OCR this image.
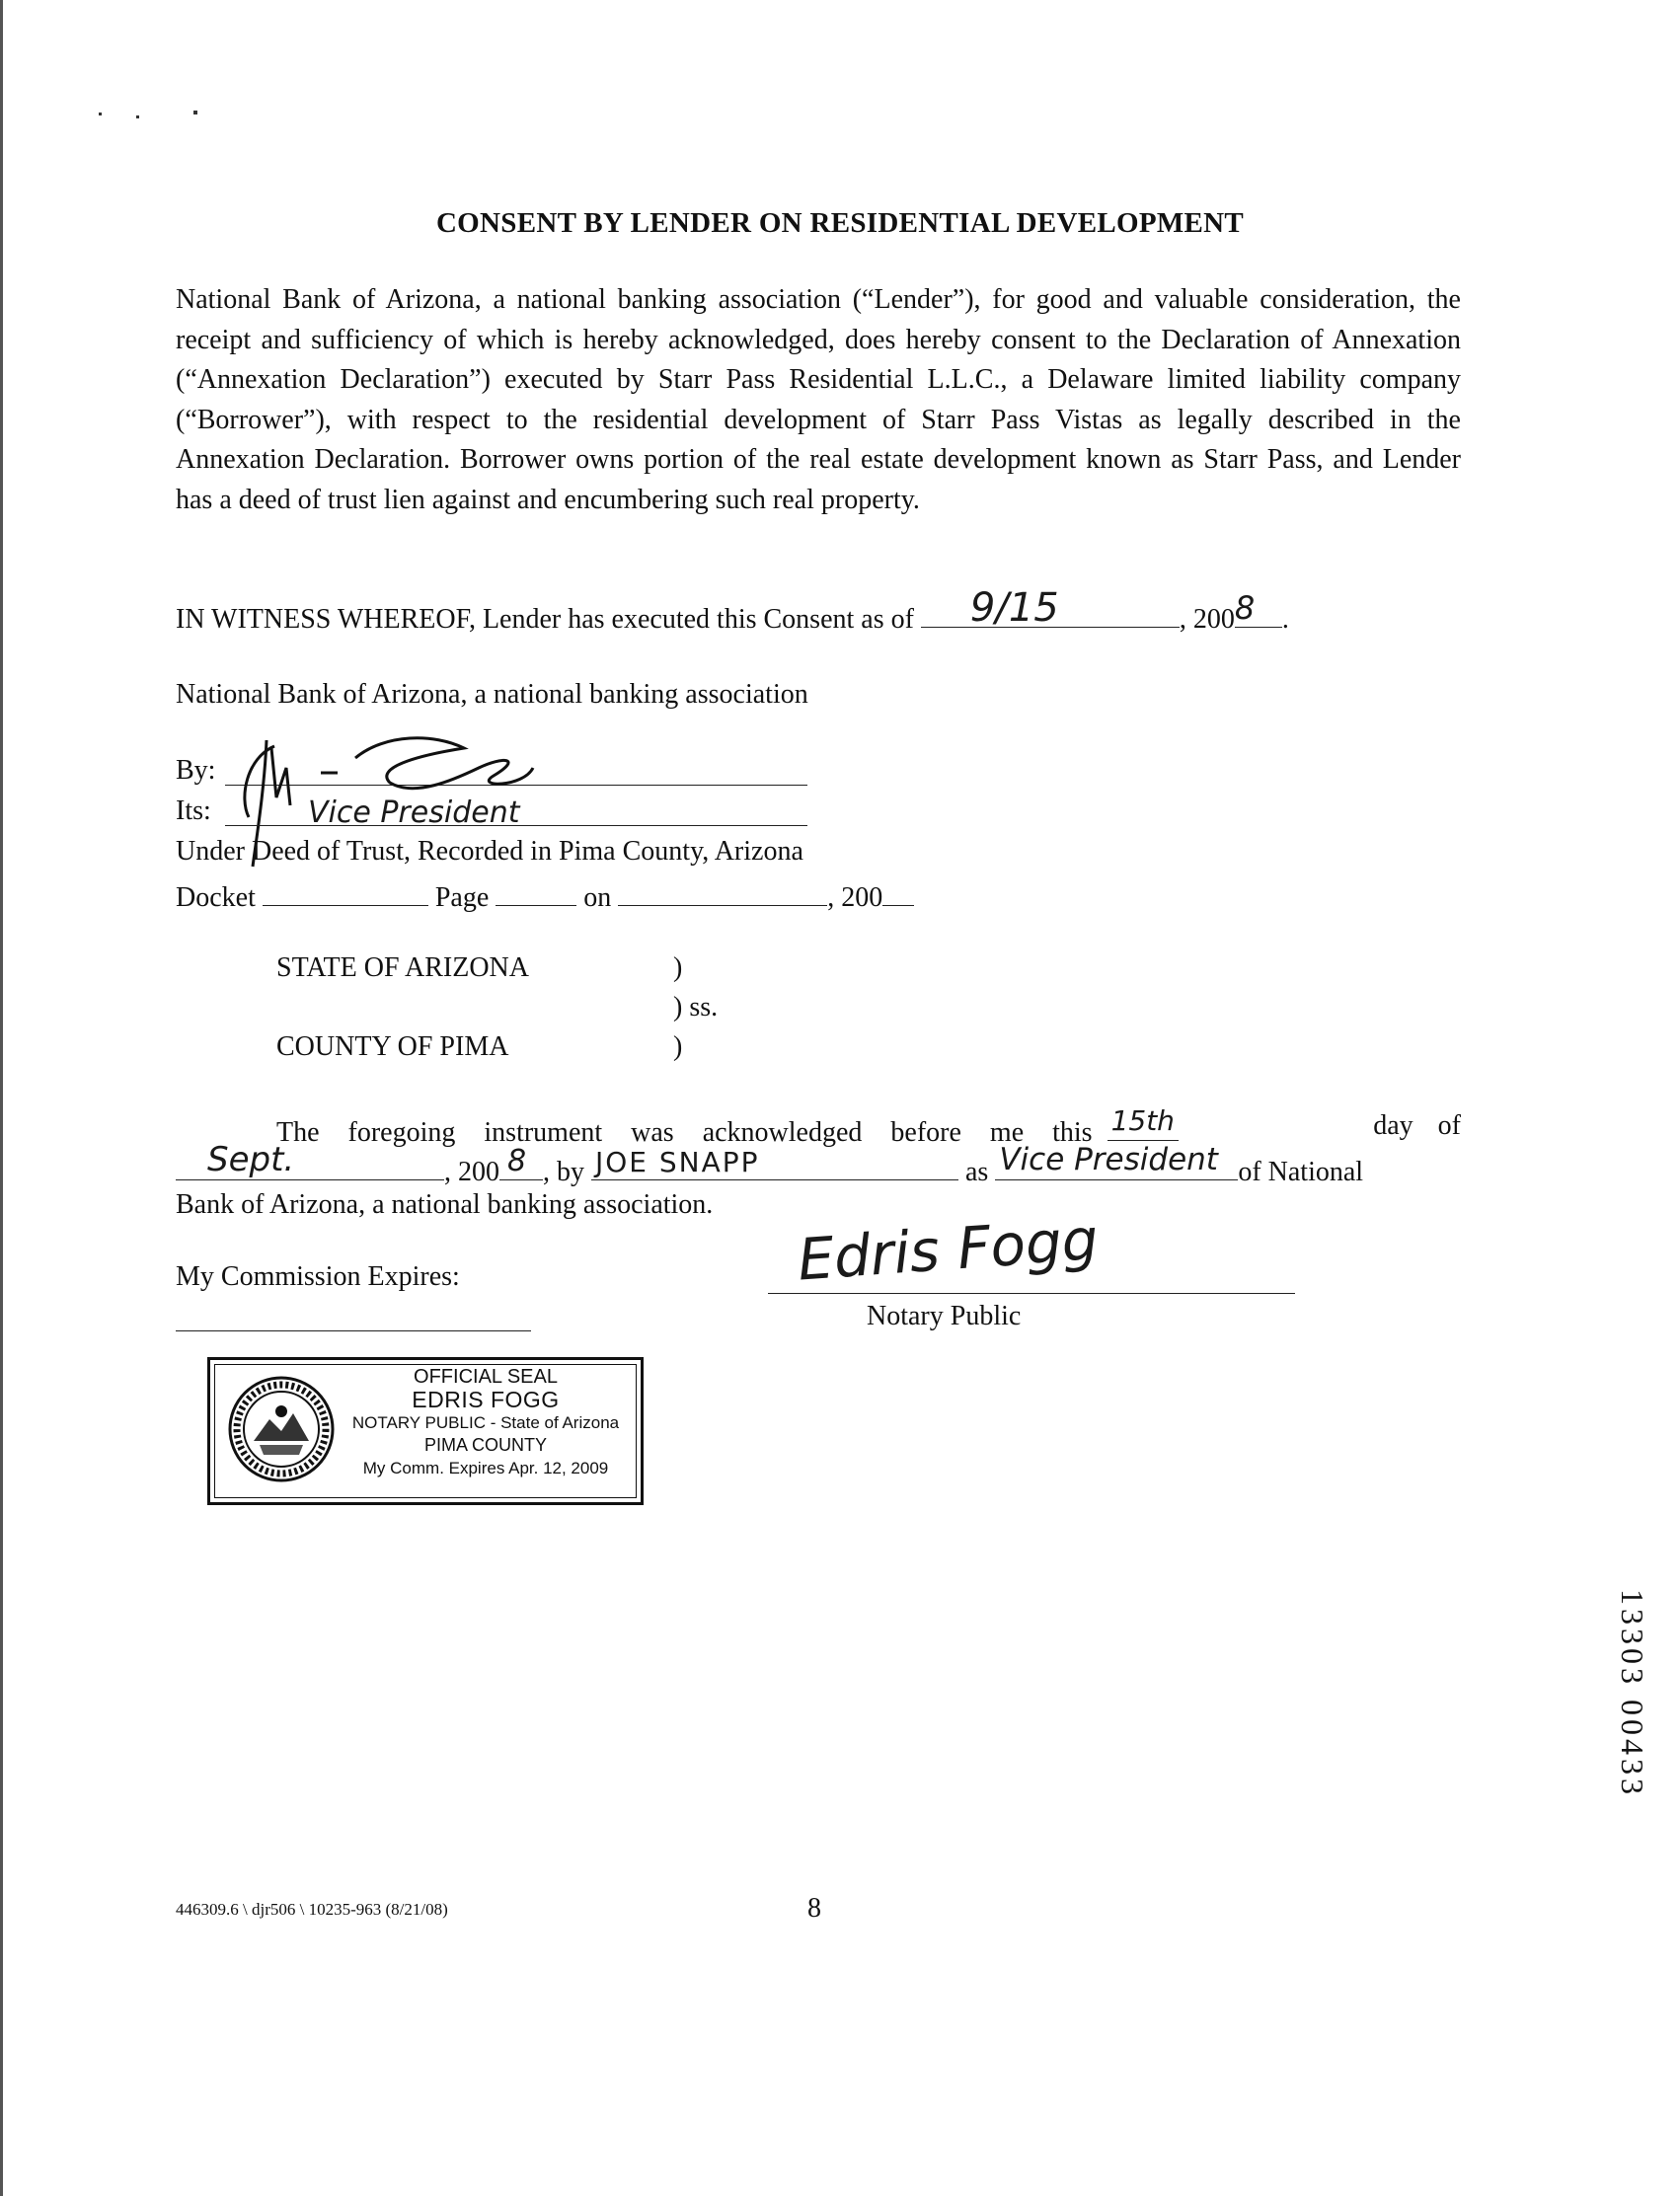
CONSENT BY LENDER ON RESIDENTIAL DEVELOPMENT
National Bank of Arizona, a national banking association (“Lender”), for good and valuable consideration, the receipt and sufficiency of which is hereby acknowledged, does hereby consent to the Declaration of Annexation (“Annexation Declaration”) executed by Starr Pass Residential L.L.C., a Delaware limited liability company (“Borrower”), with respect to the residential development of Starr Pass Vistas as legally described in the Annexation Declaration. Borrower owns portion of the real estate development known as Starr Pass, and Lender has a deed of trust lien against and encumbering such real property.
IN WITNESS WHEREOF, Lender has executed this Consent as of 9/15	, 200 8 .
National Bank of Arizona, a national banking association
By:
Its:	Vice President
Under Deed of Trust, Recorded in Pima County, Arizona
Docket	Page	on	, 200
STATE OF ARIZONA	)
) ss.
COUNTY OF PIMA	)
The foregoing instrument was acknowledged before me this 15th	day of
Sept.	, 200 8 , by JOE SNAPP	as Vice President of National
Bank of Arizona, a national banking association.
My Commission Expires:	Edris Fogg
Notary Public
OFFICIAL SEAL
EDRIS FOGG
NOTARY PUBLIC - State of Arizona
PIMA COUNTY
My Comm. Expires Apr. 12, 2009
13303 00433
446309.6 \ djr506 \ 10235-963 (8/21/08)	8
